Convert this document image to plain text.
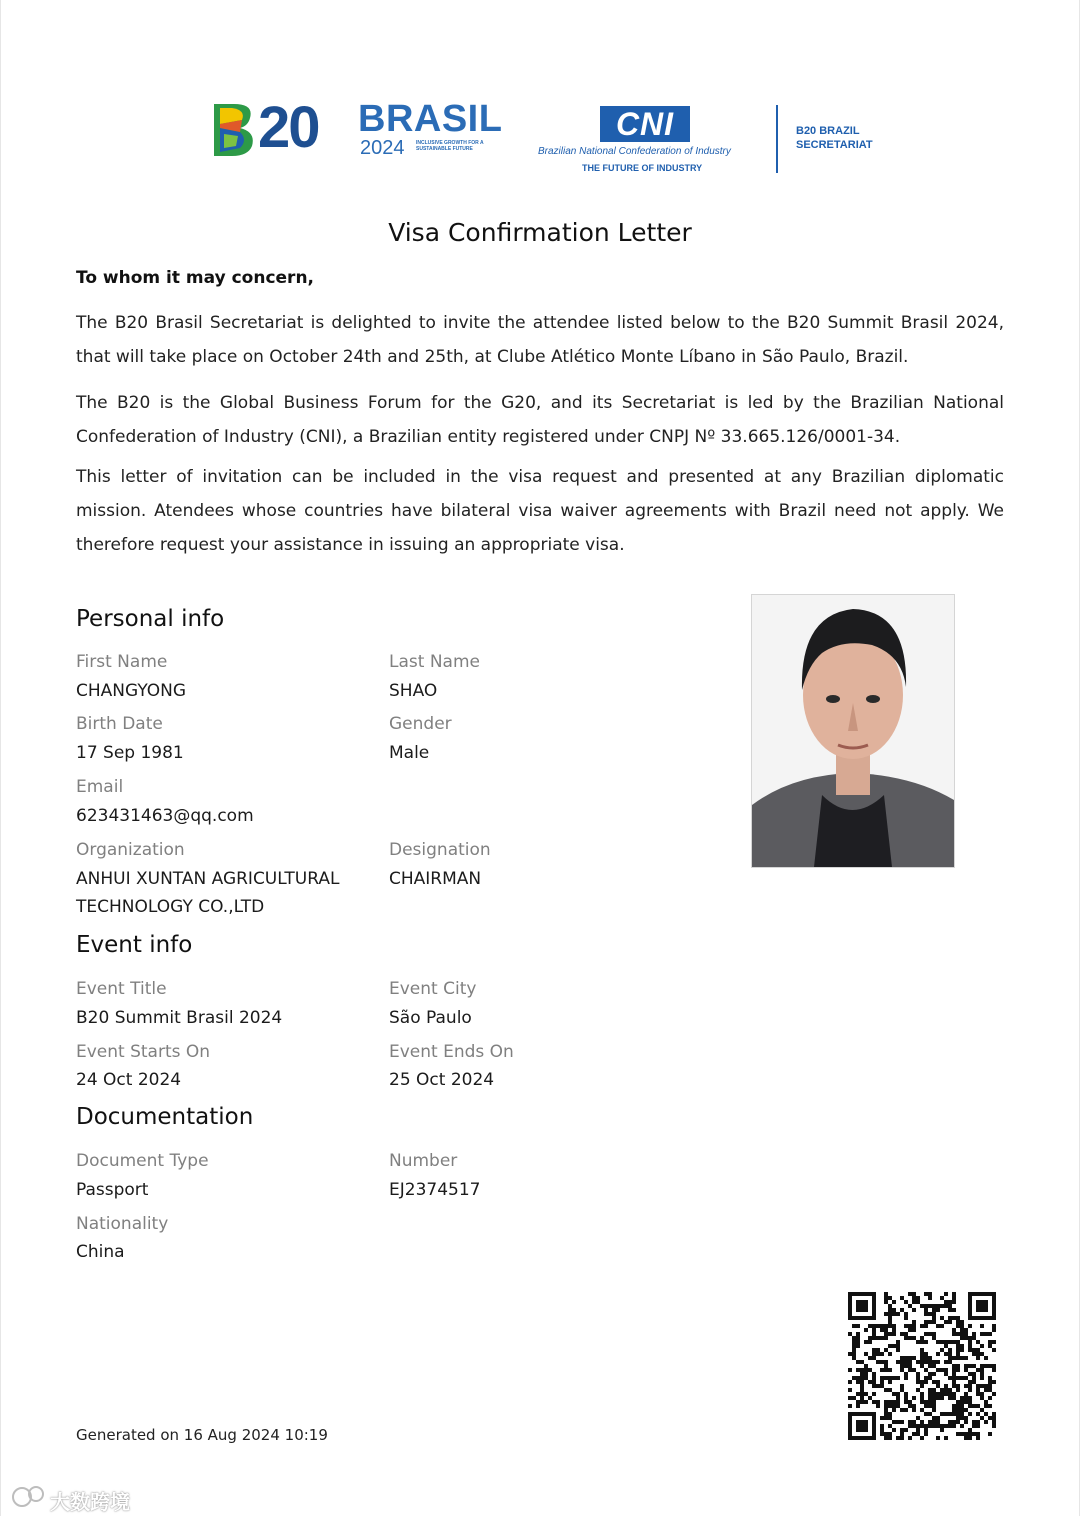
20 BRASIL
2024 INCLUSIVE GROWTH FOR A SUSTAINABLE FUTURE
CNI
Brazilian National Confederation of Industry
THE FUTURE OF INDUSTRY
B20 BRAZIL
SECRETARIAT
Visa Confirmation Letter
To whom it may concern,
The B20 Brasil Secretariat is delighted to invite the attendee listed below to the B20 Summit Brasil 2024, that will take place on October 24th and 25th, at Clube Atlético Monte Líbano in São Paulo, Brazil.
The B20 is the Global Business Forum for the G20, and its Secretariat is led by the Brazilian National Confederation of Industry (CNI), a Brazilian entity registered under CNPJ Nº 33.665.126/0001-34.
This letter of invitation can be included in the visa request and presented at any Brazilian diplomatic mission. Atendees whose countries have bilateral visa waiver agreements with Brazil need not apply. We therefore request your assistance in issuing an appropriate visa.
Personal info
First Name
CHANGYONG
Last Name
SHAO
Birth Date
17 Sep 1981
Gender
Male
Email
623431463@qq.com
Organization
ANHUI XUNTAN AGRICULTURAL TECHNOLOGY CO.,LTD
Designation
CHAIRMAN
Event info
Event Title
B20 Summit Brasil 2024
Event City
São Paulo
Event Starts On
24 Oct 2024
Event Ends On
25 Oct 2024
Documentation
Document Type
Passport
Number
EJ2374517
Nationality
China
Generated on 16 Aug 2024 10:19
大数跨境
